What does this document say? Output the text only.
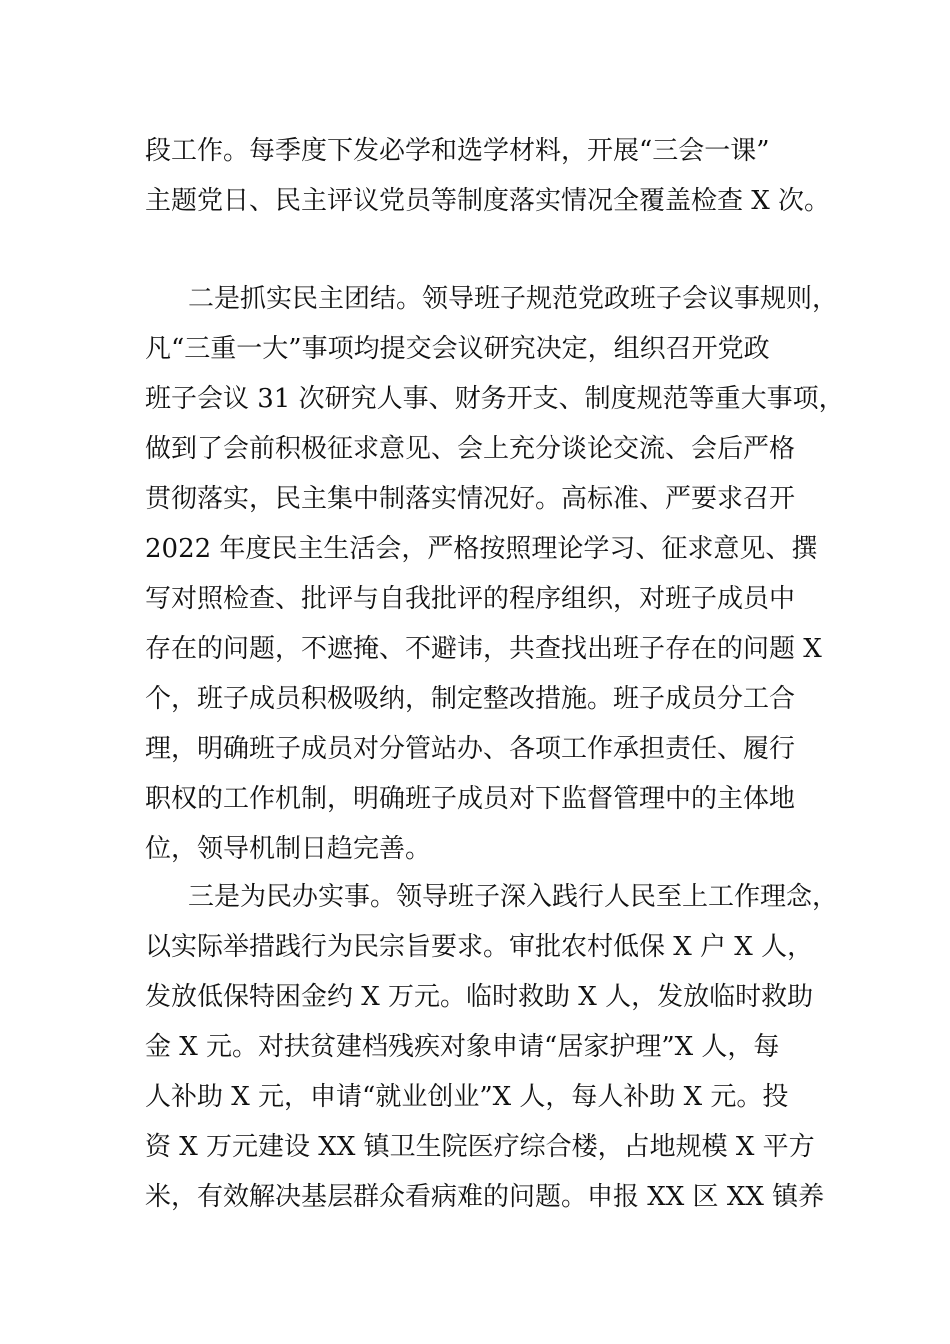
段工作。每季度下发必学和选学材料，开展“三会一课”
主题党日、民主评议党员等制度落实情况全覆盖检查 X 次。
二是抓实民主团结。领导班子规范党政班子会议事规则，
凡“三重一大”事项均提交会议研究决定，组织召开党政
班子会议 31 次研究人事、财务开支、制度规范等重大事项，
做到了会前积极征求意见、会上充分谈论交流、会后严格
贯彻落实，民主集中制落实情况好。高标准、严要求召开
2022 年度民主生活会，严格按照理论学习、征求意见、撰
写对照检查、批评与自我批评的程序组织，对班子成员中
存在的问题，不遮掩、不避讳，共查找出班子存在的问题 X
个，班子成员积极吸纳，制定整改措施。班子成员分工合
理，明确班子成员对分管站办、各项工作承担责任、履行
职权的工作机制，明确班子成员对下监督管理中的主体地
位，领导机制日趋完善。
三是为民办实事。领导班子深入践行人民至上工作理念，
以实际举措践行为民宗旨要求。审批农村低保 X 户 X 人，
发放低保特困金约 X 万元。临时救助 X 人，发放临时救助
金 X 元。对扶贫建档残疾对象申请“居家护理”X 人，每
人补助 X 元，申请“就业创业”X 人，每人补助 X 元。投
资 X 万元建设 XX 镇卫生院医疗综合楼，占地规模 X 平方
米，有效解决基层群众看病难的问题。申报 XX 区 XX 镇养
